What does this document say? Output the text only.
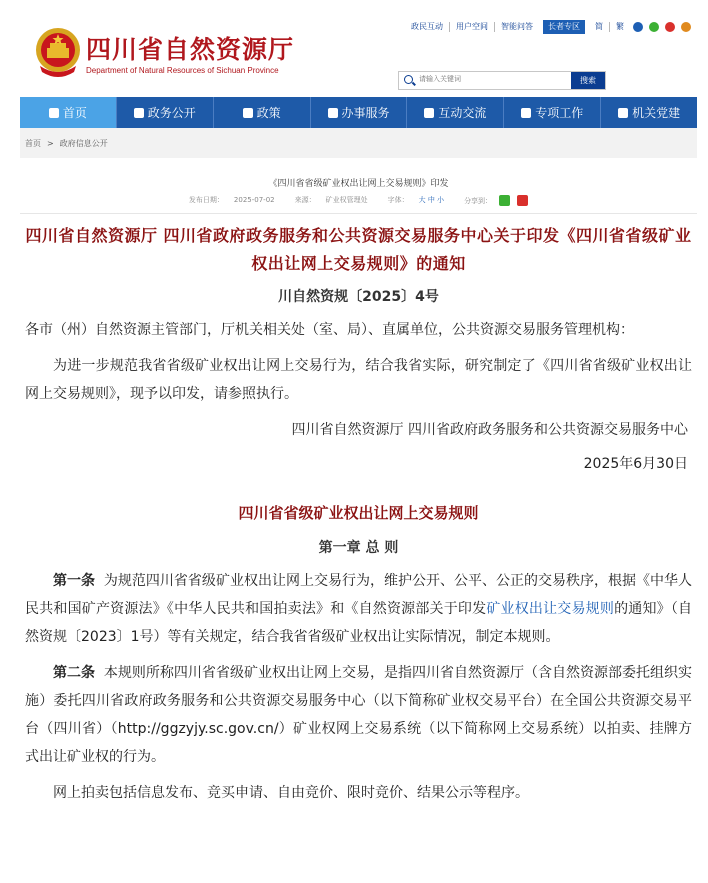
四川省自然资源厅
Department of Natural Resources of Sichuan Province
政民互动	用户空间	智能问答	长者专区	简	繁
请输入关键词
搜索
首页	政务公开	政策	办事服务	互动交流	专项工作	机关党建
首页 > 政府信息公开
《四川省省级矿业权出让网上交易规则》印发
发布日期： 2025-07-02	来源： 矿业权管理处	字体： 大 中 小	分享到：
四川省自然资源厅 四川省政府政务服务和公共资源交易服务中心关于印发《四川省省级矿业权出让网上交易规则》的通知
川自然资规〔2025〕4号
各市（州）自然资源主管部门，厅机关相关处（室、局）、直属单位，公共资源交易服务管理机构：
为进一步规范我省省级矿业权出让网上交易行为，结合我省实际，研究制定了《四川省省级矿业权出让网上交易规则》，现予以印发，请参照执行。
四川省自然资源厅 四川省政府政务服务和公共资源交易服务中心
2025年6月30日
四川省省级矿业权出让网上交易规则
第一章 总 则
第一条 为规范四川省省级矿业权出让网上交易行为，维护公开、公平、公正的交易秩序，根据《中华人民共和国矿产资源法》《中华人民共和国拍卖法》和《自然资源部关于印发矿业权出让交易规则的通知》（自然资规〔2023〕1号）等有关规定，结合我省省级矿业权出让实际情况，制定本规则。
第二条 本规则所称四川省省级矿业权出让网上交易，是指四川省自然资源厅（含自然资源部委托组织实施）委托四川省政府政务服务和公共资源交易服务中心（以下简称矿业权交易平台）在全国公共资源交易平台（四川省）（http://ggzyjy.sc.gov.cn/）矿业权网上交易系统（以下简称网上交易系统）以拍卖、挂牌方式出让矿业权的行为。
网上拍卖包括信息发布、竞买申请、自由竞价、限时竞价、结果公示等程序。
